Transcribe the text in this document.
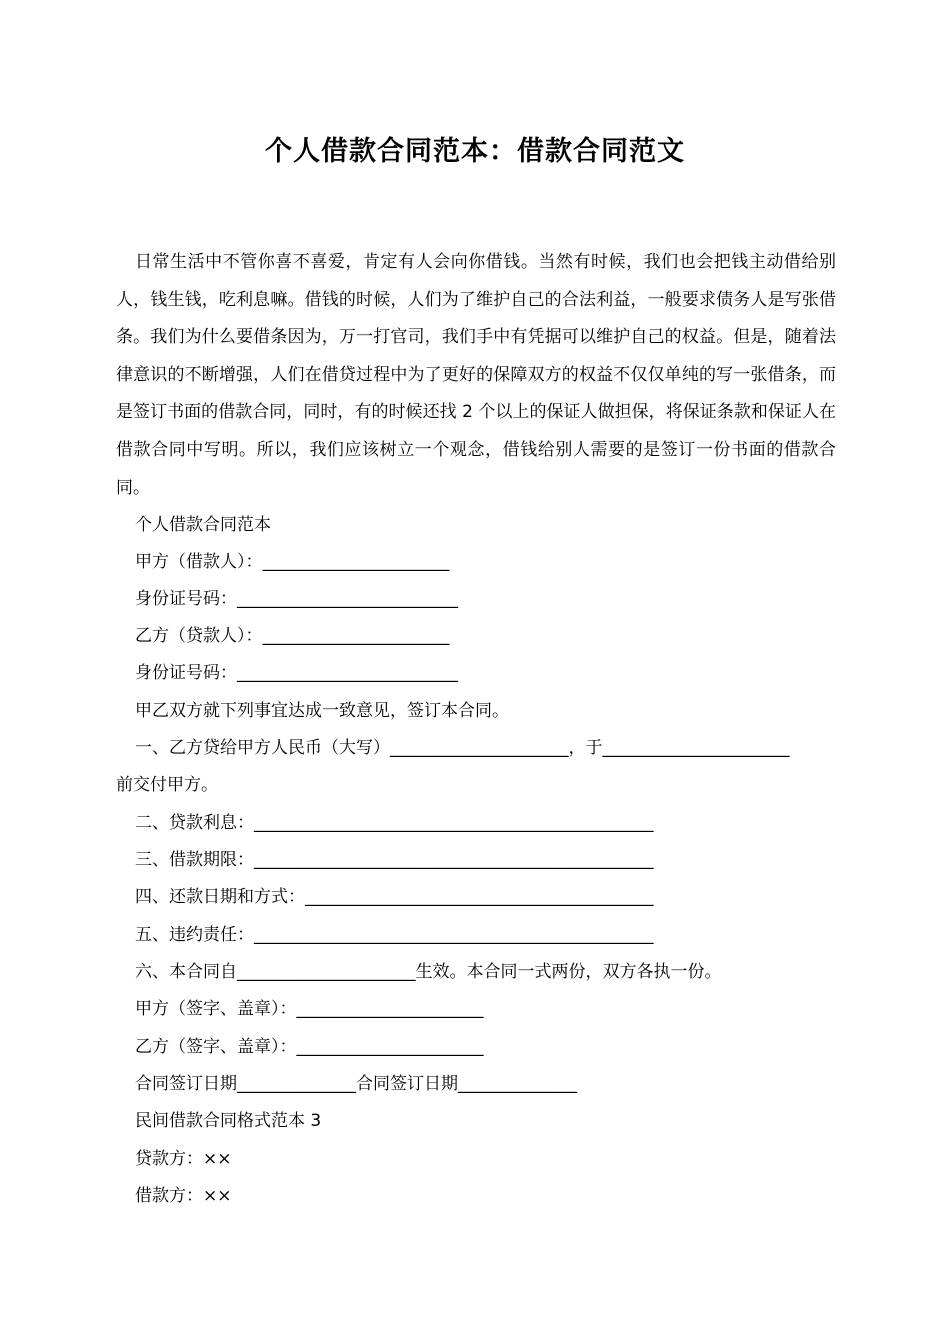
个人借款合同范本：借款合同范文

日常生活中不管你喜不喜爱，肯定有人会向你借钱。当然有时候，我们也会把钱主动借给别人，钱生钱，吃利息嘛。借钱的时候，人们为了维护自己的合法利益，一般要求债务人是写张借条。我们为什么要借条因为，万一打官司，我们手中有凭据可以维护自己的权益。但是，随着法律意识的不断增强，人们在借贷过程中为了更好的保障双方的权益不仅仅单纯的写一张借条，而是签订书面的借款合同，同时，有的时候还找 2 个以上的保证人做担保，将保证条款和保证人在借款合同中写明。所以，我们应该树立一个观念，借钱给别人需要的是签订一份书面的借款合同。

个人借款合同范本

甲方（借款人）：______________________

身份证号码：__________________________

乙方（贷款人）：______________________

身份证号码：__________________________

甲乙双方就下列事宜达成一致意见，签订本合同。

一、乙方贷给甲方人民币（大写）_____________________，于______________________

前交付甲方。

二、贷款利息：_______________________________________________

三、借款期限：_______________________________________________

四、还款日期和方式：_________________________________________

五、违约责任：_______________________________________________

六、本合同自_____________________生效。本合同一式两份，双方各执一份。

甲方（签字、盖章）：______________________

乙方（签字、盖章）：______________________

合同签订日期______________合同签订日期______________

民间借款合同格式范本 3

贷款方：××

借款方：××
